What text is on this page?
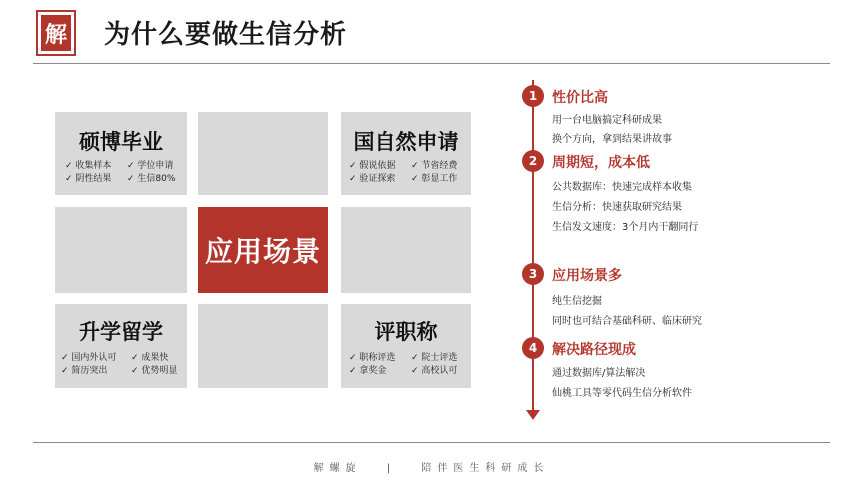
解 为什么要做生信分析
硕博毕业
✓ 收集样本	✓ 学位申请
✓ 阴性结果	✓ 生信80%
国自然申请
✓ 假说依据	✓ 节省经费
✓ 验证探索	✓ 彰显工作
应用场景
升学留学
✓ 国内外认可	✓ 成果快
✓ 简历突出	✓ 优势明显
评职称
✓ 职称评选	✓ 院士评选
✓ 拿奖金	✓ 高校认可
1	性价比高
用一台电脑搞定科研成果
换个方向，拿到结果讲故事
2	周期短，成本低
公共数据库：快速完成样本收集
生信分析：快速获取研究结果
生信发文速度：3个月内干翻同行
3	应用场景多
纯生信挖掘
同时也可结合基础科研、临床研究
4	解决路径现成
通过数据库/算法解决
仙桃工具等零代码生信分析软件
解螺旋	|	陪伴医生科研成长
